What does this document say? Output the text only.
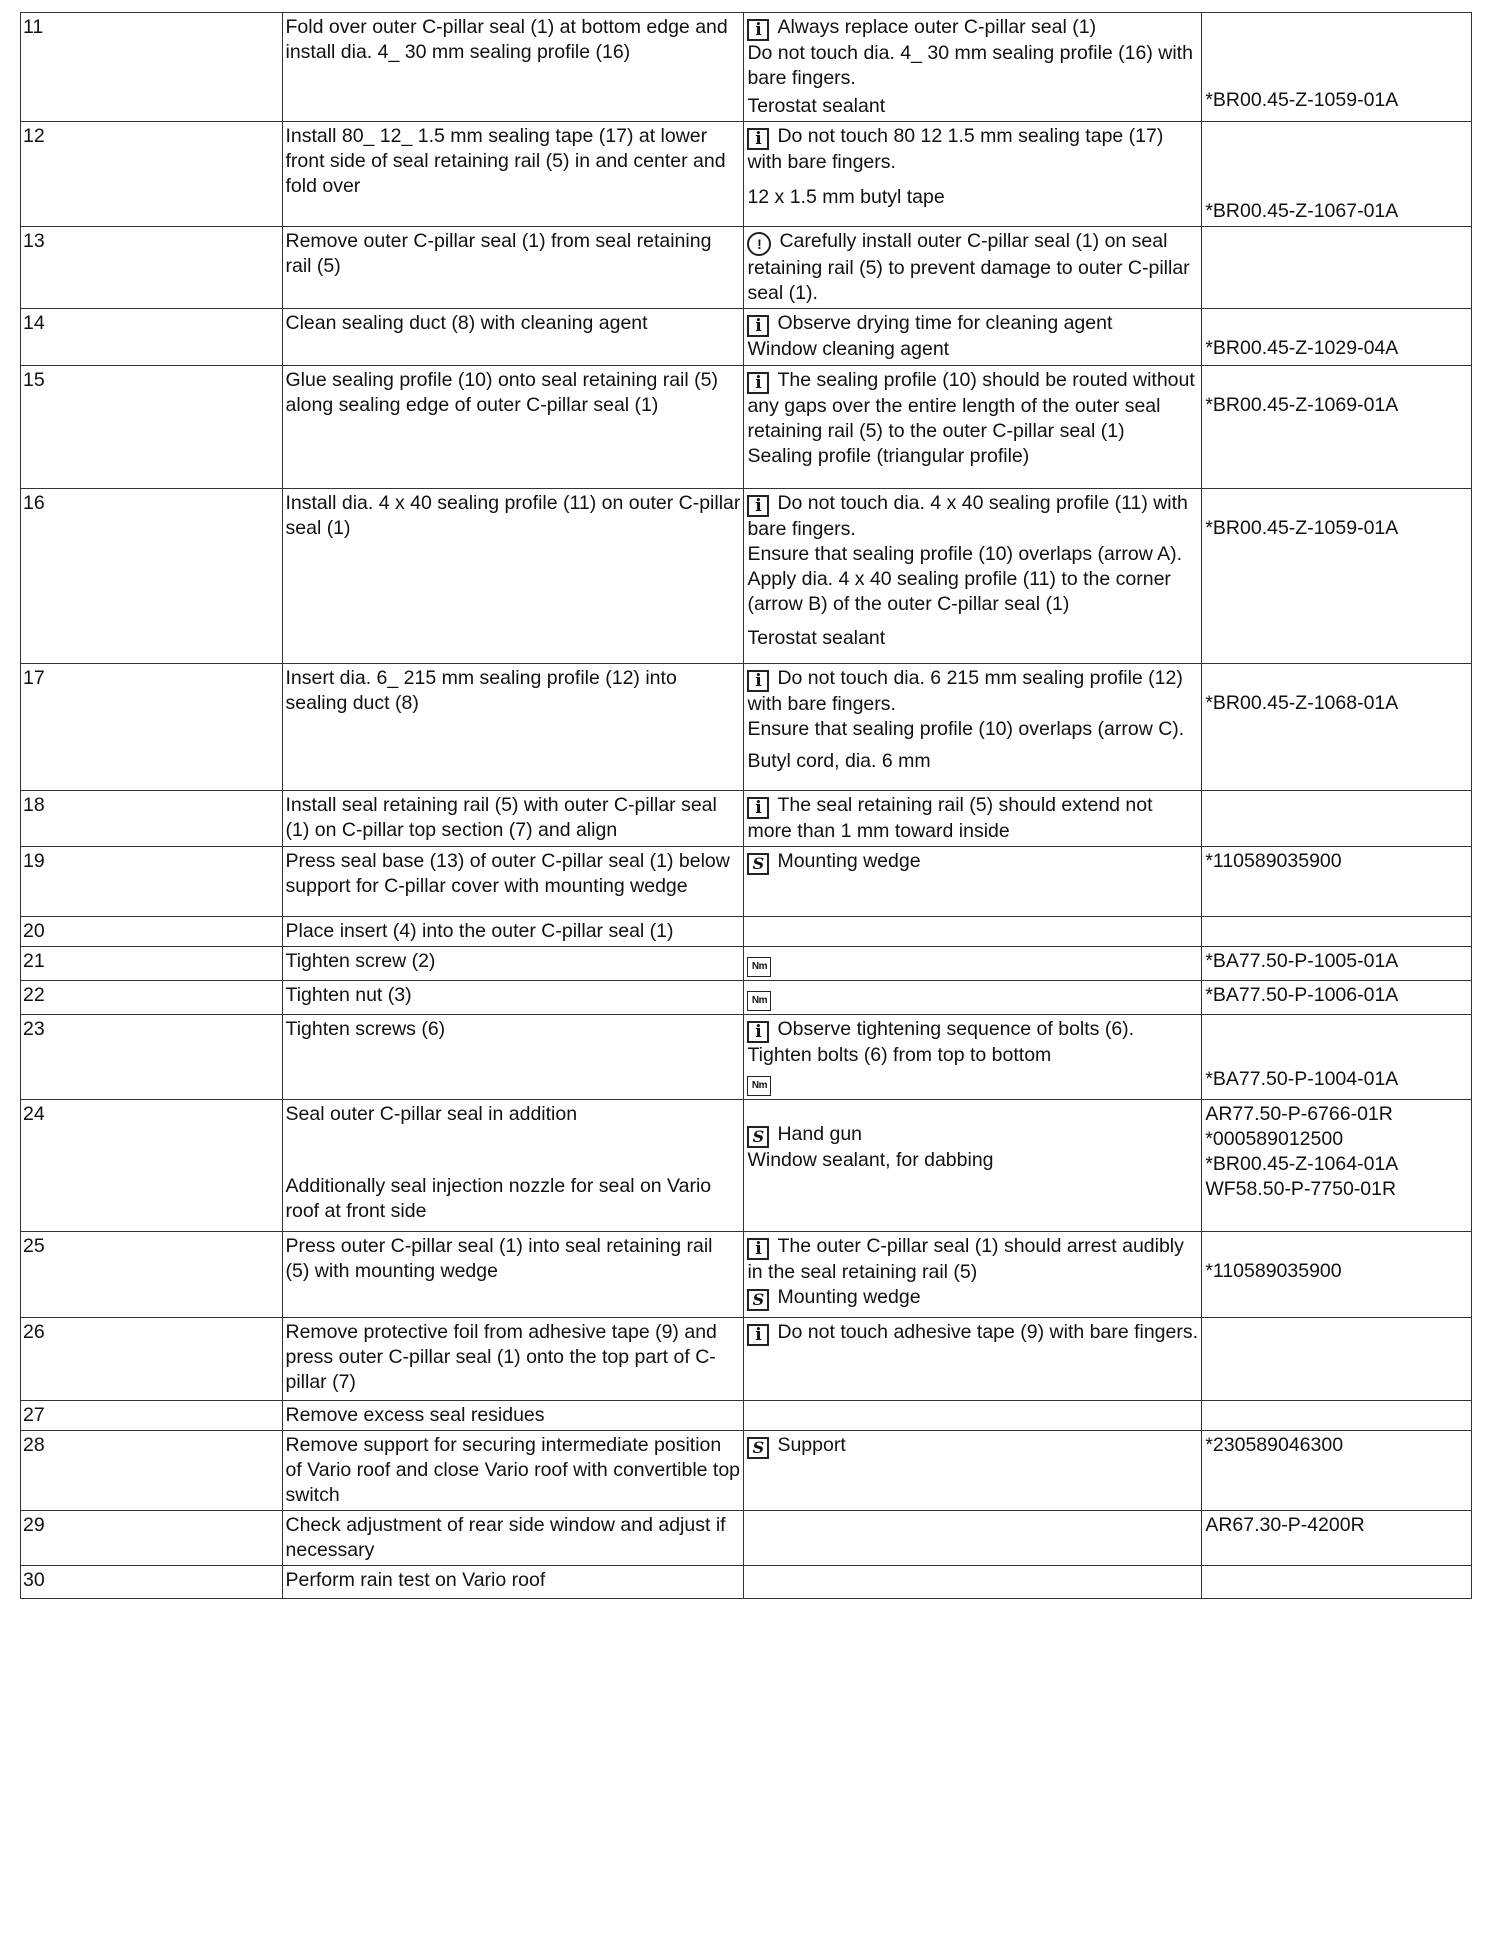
11	Fold over outer C-pillar seal (1) at bottom edge and install dia. 4_ 30 mm sealing profile (16)	i Always replace outer C-pillar seal (1)
Do not touch dia. 4_ 30 mm sealing profile (16) with bare fingers.
Terostat sealant	*BR00.45-Z-1059-01A

12	Install 80_ 12_ 1.5 mm sealing tape (17) at lower front side of seal retaining rail (5) in and center and fold over	i Do not touch 80 12 1.5 mm sealing tape (17) with bare fingers.
12 x 1.5 mm butyl tape	*BR00.45-Z-1067-01A

13	Remove outer C-pillar seal (1) from seal retaining rail (5)	! Carefully install outer C-pillar seal (1) on seal retaining rail (5) to prevent damage to outer C-pillar seal (1).	

14	Clean sealing duct (8) with cleaning agent	i Observe drying time for cleaning agent
Window cleaning agent	*BR00.45-Z-1029-04A

15	Glue sealing profile (10) onto seal retaining rail (5) along sealing edge of outer C-pillar seal (1)	i The sealing profile (10) should be routed without any gaps over the entire length of the outer seal retaining rail (5) to the outer C-pillar seal (1)
Sealing profile (triangular profile)	*BR00.45-Z-1069-01A

16	Install dia. 4 x 40 sealing profile (11) on outer C-pillar seal (1)	i Do not touch dia. 4 x 40 sealing profile (11) with bare fingers.
Ensure that sealing profile (10) overlaps (arrow A).
Apply dia. 4 x 40 sealing profile (11) to the corner (arrow B) of the outer C-pillar seal (1)
Terostat sealant	*BR00.45-Z-1059-01A

17	Insert dia. 6_ 215 mm sealing profile (12) into sealing duct (8)	i Do not touch dia. 6 215 mm sealing profile (12) with bare fingers.
Ensure that sealing profile (10) overlaps (arrow C).
Butyl cord, dia. 6 mm	*BR00.45-Z-1068-01A

18	Install seal retaining rail (5) with outer C-pillar seal (1) on C-pillar top section (7) and align	i The seal retaining rail (5) should extend not more than 1 mm toward inside	

19	Press seal base (13) of outer C-pillar seal (1) below support for C-pillar cover with mounting wedge	S Mounting wedge	*110589035900

20	Place insert (4) into the outer C-pillar seal (1)		

21	Tighten screw (2)	Nm	*BA77.50-P-1005-01A

22	Tighten nut (3)	Nm	*BA77.50-P-1006-01A

23	Tighten screws (6)	i Observe tightening sequence of bolts (6).
Tighten bolts (6) from top to bottom
Nm	*BA77.50-P-1004-01A

24	Seal outer C-pillar seal in addition
Additionally seal injection nozzle for seal on Vario roof at front side	S Hand gun
Window sealant, for dabbing	AR77.50-P-6766-01R
*000589012500
*BR00.45-Z-1064-01A
WF58.50-P-7750-01R

25	Press outer C-pillar seal (1) into seal retaining rail (5) with mounting wedge	i The outer C-pillar seal (1) should arrest audibly in the seal retaining rail (5)
S Mounting wedge	*110589035900

26	Remove protective foil from adhesive tape (9) and press outer C-pillar seal (1) onto the top part of C-pillar (7)	i Do not touch adhesive tape (9) with bare fingers.	

27	Remove excess seal residues		

28	Remove support for securing intermediate position of Vario roof and close Vario roof with convertible top switch	S Support	*230589046300

29	Check adjustment of rear side window and adjust if necessary		AR67.30-P-4200R

30	Perform rain test on Vario roof		
